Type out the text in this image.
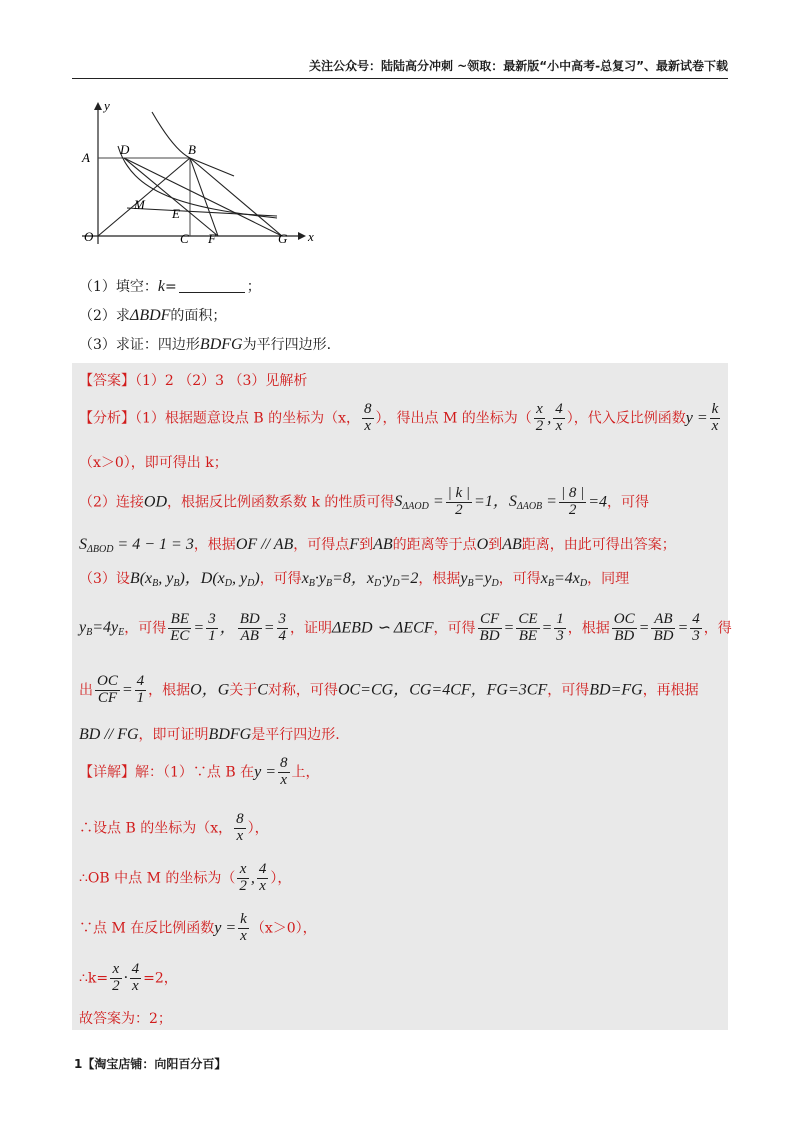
关注公众号：陆陆高分冲刺 ~领取：最新版“小中高考-总复习”、最新试卷下载
y
x
A
D	B
M
E
O	C F	G
（1）填空：k=	；
（2）求ΔBDF的面积；
（3）求证：四边形BDFG为平行四边形.
【答案】（1）2 （2）3 （3）见解析
【分析】（1）根据题意设点 B 的坐标为（x， $\frac{8}{x}$ ），得出点 M 的坐标为（ $\frac{x}{2}$ , $\frac{4}{x}$ ），代入反比例函数$y = \frac{k}{x}$
（x＞0），即可得出 k；
（2）连接OD，根据反比例函数系数 k 的性质可得$S_{\Delta AOD} = \frac{| k |}{2} =1$，$S_{\Delta AOB} = \frac{| 8 |}{2} =4$，可得
$S_{\Delta BOD} = 4 - 1 = 3$，根据OF // AB，可得点F到AB的距离等于点O到AB距离，由此可得出答案；
（3）设$B(x_B$, $y_B$)，$D(x_D$, $y_D$)，可得$x_B\cdot y_B=8$，$x_D\cdot y_D=2$，根据$y_B=y_D$，可得$x_B=4x_D$，同理
$y_B=4y_E$，可得 $\frac{BE}{EC} = \frac{3}{1}$ ， $\frac{BD}{AB} = \frac{3}{4}$ ，证明ΔEBD ∽ ΔECF，可得 $\frac{CF}{BD} = \frac{CE}{BE} = \frac{1}{3}$ ，根据 $\frac{OC}{BD} = \frac{AB}{BD} = \frac{4}{3}$ ，得
出 $\frac{OC}{CF} = \frac{4}{1}$ ，根据O，G关于C对称，可得OC=CG，CG=4CF，FG=3CF，可得BD=FG，再根据
BD // FG，即可证明BDFG是平行四边形.
【详解】解：（1）∵点 B 在$y = \frac{8}{x}$ 上，
∴设点 B 的坐标为（x， $\frac{8}{x}$ ），
∴OB 中点 M 的坐标为（ $\frac{x}{2}$ , $\frac{4}{x}$ ），
∵点 M 在反比例函数$y = \frac{k}{x} (x>0)$，
∴k= $\frac{x}{2} \cdot \frac{4}{x} =2$，
故答案为：2；
1【淘宝店铺：向阳百分百】
